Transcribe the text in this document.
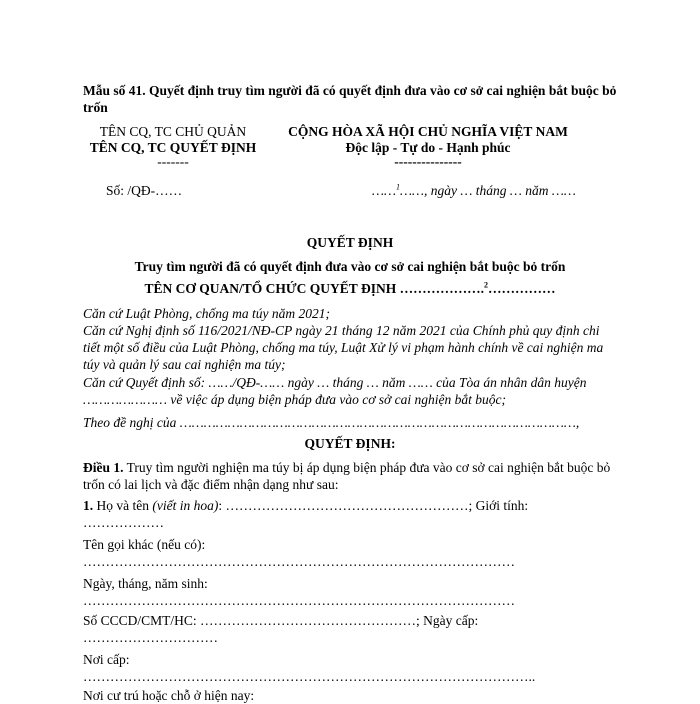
Mẫu số 41. Quyết định truy tìm người đã có quyết định đưa vào cơ sở cai nghiện bắt buộc bỏ trốn
TÊN CQ, TC CHỦ QUẢN
TÊN CQ, TC QUYẾT ĐỊNH
-------
CỘNG HÒA XÃ HỘI CHỦ NGHĨA VIỆT NAM
Độc lập - Tự do - Hạnh phúc
---------------
Số: /QĐ-……	……$^1$……, ngày … tháng … năm ……
QUYẾT ĐỊNH
Truy tìm người đã có quyết định đưa vào cơ sở cai nghiện bắt buộc bỏ trốn
TÊN CƠ QUAN/TỔ CHỨC QUYẾT ĐỊNH ……………….$^2$……………
Căn cứ Luật Phòng, chống ma túy năm 2021;
Căn cứ Nghị định số 116/2021/NĐ-CP ngày 21 tháng 12 năm 2021 của Chính phủ quy định chi tiết một số điều của Luật Phòng, chống ma túy, Luật Xử lý vi phạm hành chính về cai nghiện ma túy và quản lý sau cai nghiện ma túy;
Căn cứ Quyết định số: ……/QĐ-…… ngày … tháng … năm …… của Tòa án nhân dân huyện
………………… về việc áp dụng biện pháp đưa vào cơ sở cai nghiện bắt buộc;
Theo đề nghị của ………………………………………………………………………………………,
QUYẾT ĐỊNH:
Điều 1. Truy tìm người nghiện ma túy bị áp dụng biện pháp đưa vào cơ sở cai nghiện bắt buộc bỏ trốn có lai lịch và đặc điểm nhận dạng như sau:
1. Họ và tên (viết in hoa): ………………………………………………; Giới tính:
………………
Tên gọi khác (nếu có):
……………………………………………………………………………………
Ngày, tháng, năm sinh:
……………………………………………………………………………………
Số CCCD/CMT/HC: …………………………………………; Ngày cấp:
…………………………
Nơi cấp:
………………………………………………………………………………………..
Nơi cư trú hoặc chỗ ở hiện nay:
